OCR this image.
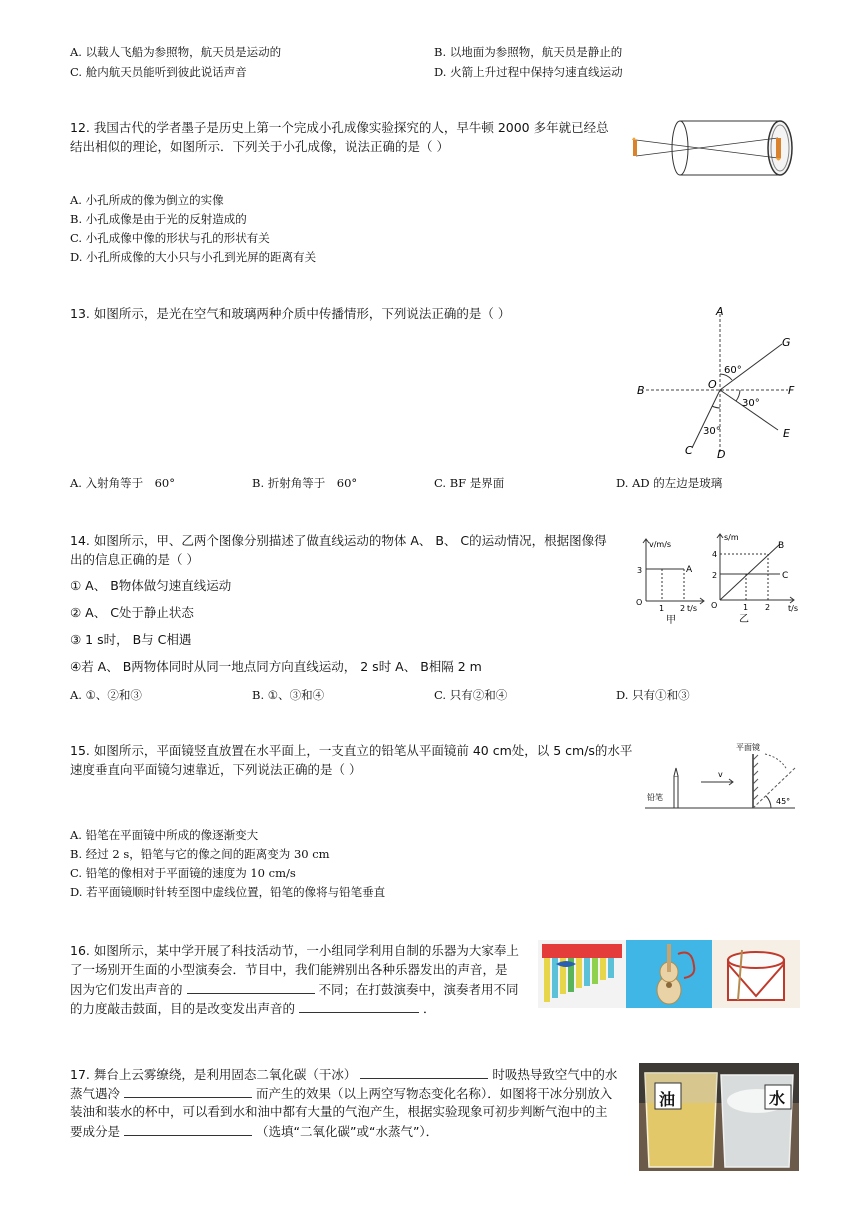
A. 以载人飞船为参照物，航天员是运动的	B. 以地面为参照物，航天员是静止的
C. 舱内航天员能听到彼此说话声音	D. 火箭上升过程中保持匀速直线运动
12. 我国古代的学者墨子是历史上第一个完成小孔成像实验探究的人，早牛顿 2000 多年就已经总
结出相似的理论，如图所示．下列关于小孔成像，说法正确的是（ ）
A. 小孔所成的像为倒立的实像
B. 小孔成像是由于光的反射造成的
C. 小孔成像中像的形状与孔的形状有关
D. 小孔所成像的大小只与小孔到光屏的距离有关
13. 如图所示，是光在空气和玻璃两种介质中传播情形，下列说法正确的是（ ）	A
B
C D
E
F
G
O
60°
30°
30°
A. 入射角等于　60°	B. 折射角等于　60°	C. BF 是界面	D. AD 的左边是玻璃
14. 如图所示，甲、乙两个图像分别描述了做直线运动的物体 A、 B、 C的运动情况，根据图像得
出的信息正确的是（ ）
① A、 B物体做匀速直线运动
② A、 C处于静止状态
③ 1 s时， B与 C相遇
④若 A、 B两物体同时从同一地点同方向直线运动， 2 s时 A、 B相隔 2 m
A. ①、②和③	B. ①、③和④	C. 只有②和④	D. 只有①和③
v/m/s
t/s
3
1 2
O
A
甲
s/m
t/s
4
2
1 2
O
B
C
乙
15. 如图所示，平面镜竖直放置在水平面上，一支直立的铅笔从平面镜前 40 cm处，以 5 cm/s的水平
速度垂直向平面镜匀速靠近，下列说法正确的是（ ）
平面镜
铅笔
v
45°
A. 铅笔在平面镜中所成的像逐渐变大
B. 经过 2 s，铅笔与它的像之间的距离变为 30 cm
C. 铅笔的像相对于平面镜的速度为 10 cm/s
D. 若平面镜顺时针转至图中虚线位置，铅笔的像将与铅笔垂直
16. 如图所示，某中学开展了科技活动节，一小组同学利用自制的乐器为大家奉上
了一场别开生面的小型演奏会．节目中，我们能辨别出各种乐器发出的声音，是
因为它们发出声音的	不同；在打鼓演奏中，演奏者用不同
的力度敲击鼓面，目的是改变发出声音的	．
17. 舞台上云雾缭绕，是利用固态二氧化碳（干冰）	时吸热导致空气中的水
蒸气遇冷	而产生的效果（以上两空写物态变化名称）．如图将干冰分别放入
装油和装水的杯中，可以看到水和油中都有大量的气泡产生，根据实验现象可初步判断气泡中的主
要成分是	（选填“二氧化碳”或“水蒸气”）．
油	水
